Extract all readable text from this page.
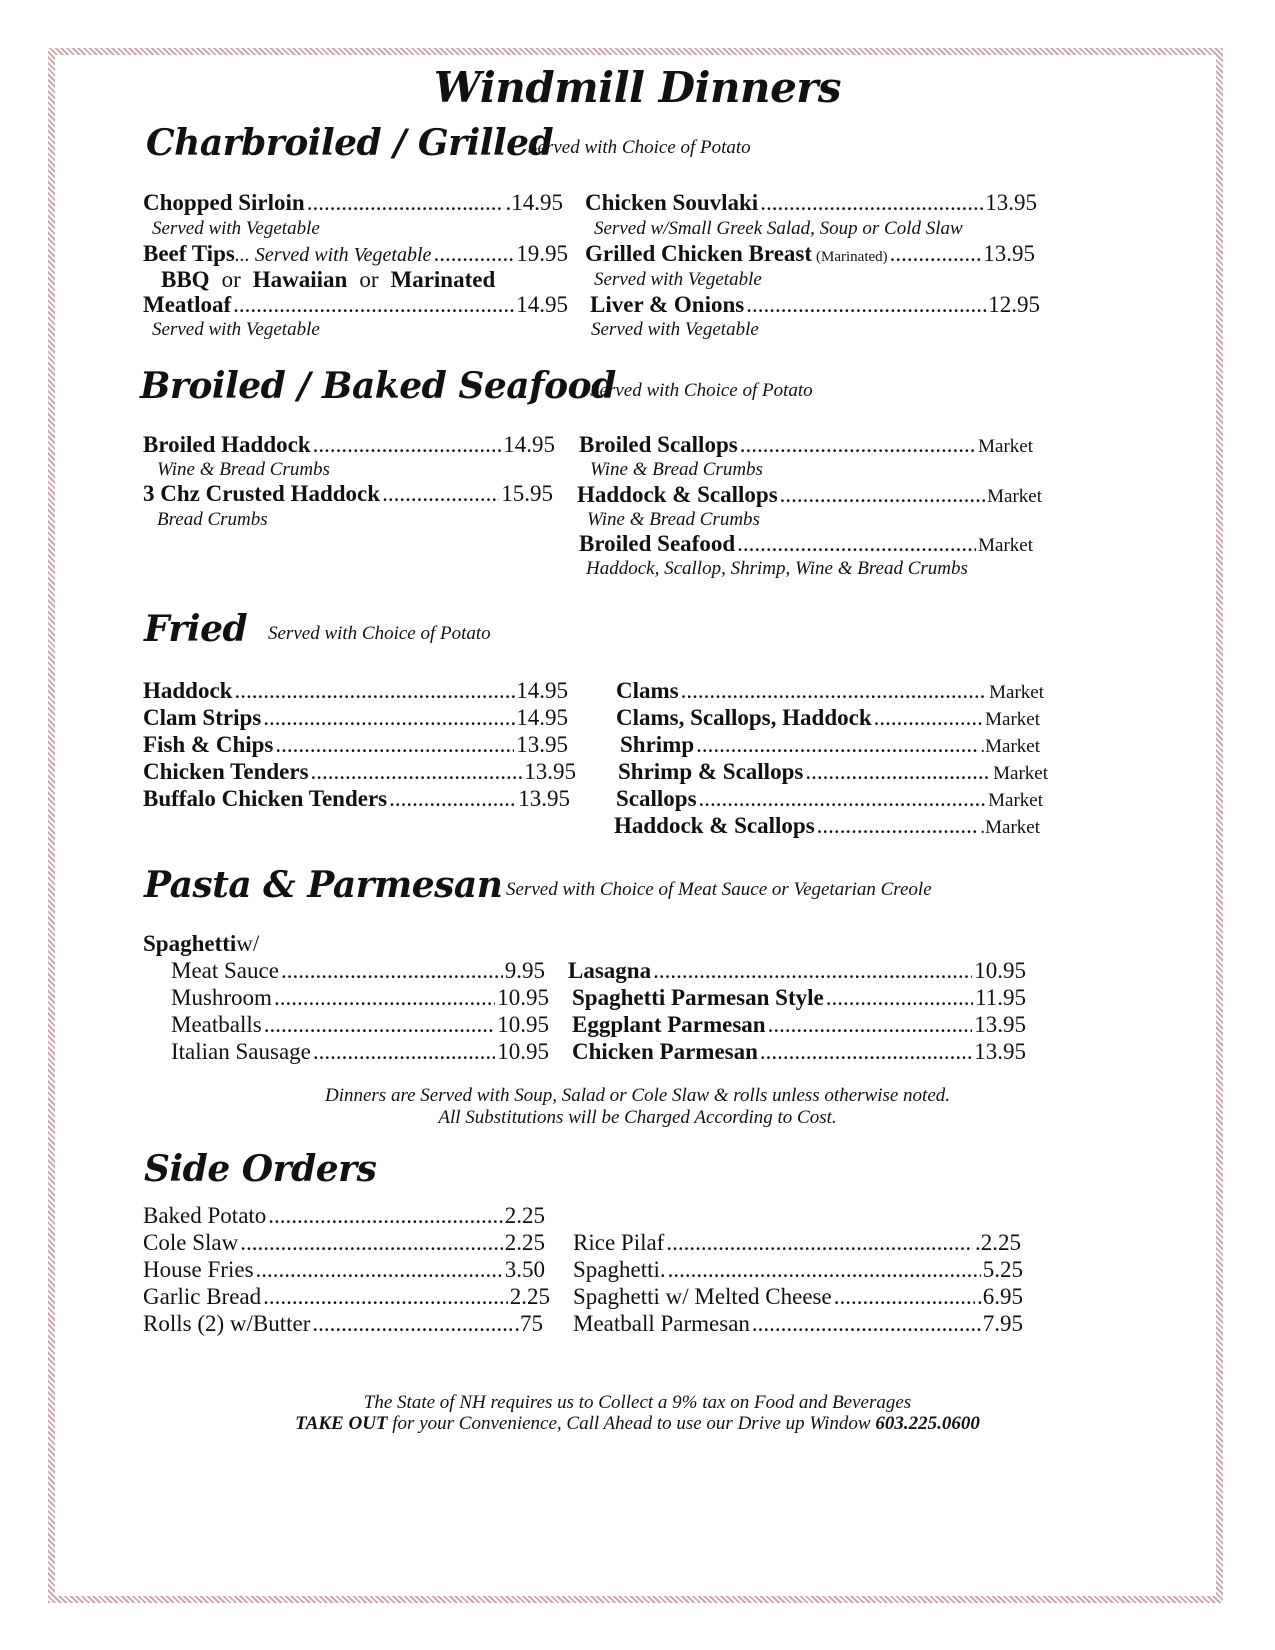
Windmill Dinners
Charbroiled / Grilled
Served with Choice of Potato
Chopped Sirloin .....	.14.95
Served with Vegetable
Beef Tips ... Served with Vegetable .....	19.95
BBQ or Hawaiian or Marinated
Meatloaf .....	14.95
Served with Vegetable
Chicken Souvlaki .....	13.95
Served w/Small Greek Salad, Soup or Cold Slaw
Grilled Chicken Breast (Marinated) .....	13.95
Served with Vegetable
Liver & Onions .....	12.95
Served with Vegetable
Broiled / Baked Seafood
Served with Choice of Potato
Broiled Haddock .....	14.95
Wine & Bread Crumbs
3 Chz Crusted Haddock .....	15.95
Bread Crumbs
Broiled Scallops .....	Market
Wine & Bread Crumbs
Haddock & Scallops .....	Market
Wine & Bread Crumbs
Broiled Seafood .....	Market
Haddock, Scallop, Shrimp, Wine & Bread Crumbs
Fried Served with Choice of Potato
Haddock .....	..14.95
Clam Strips .....	..14.95
Fish & Chips .....	13.95
Chicken Tenders .....	13.95
Buffalo Chicken Tenders .....	13.95
Clams .....	Market
Clams, Scallops, Haddock .....	Market
Shrimp .....	.Market
Shrimp & Scallops .....	Market
Scallops .....	Market
Haddock & Scallops .....	.Market
Pasta & Parmesan Served with Choice of Meat Sauce or Vegetarian Creole
Spaghetti w/
Meat Sauce .....	9.95
Mushroom .....	10.95
Meatballs .....	10.95
Italian Sausage .....	10.95
Lasagna .....	10.95
Spaghetti Parmesan Style .....	11.95
Eggplant Parmesan .....	13.95
Chicken Parmesan .....	13.95
Dinners are Served with Soup, Salad or Cole Slaw & rolls unless otherwise noted.
All Substitutions will be Charged According to Cost.
Side Orders
Baked Potato .....	2.25
Cole Slaw .....	2.25
House Fries .....	3.50
Garlic Bread .....	2.25
Rolls (2) w/Butter .....	.75
Rice Pilaf .....	.2.25
Spaghetti. .....	5.25
Spaghetti w/ Melted Cheese .....	.6.95
Meatball Parmesan .....	7.95
The State of NH requires us to Collect a 9% tax on Food and Beverages
TAKE OUT for your Convenience, Call Ahead to use our Drive up Window 603.225.0600
